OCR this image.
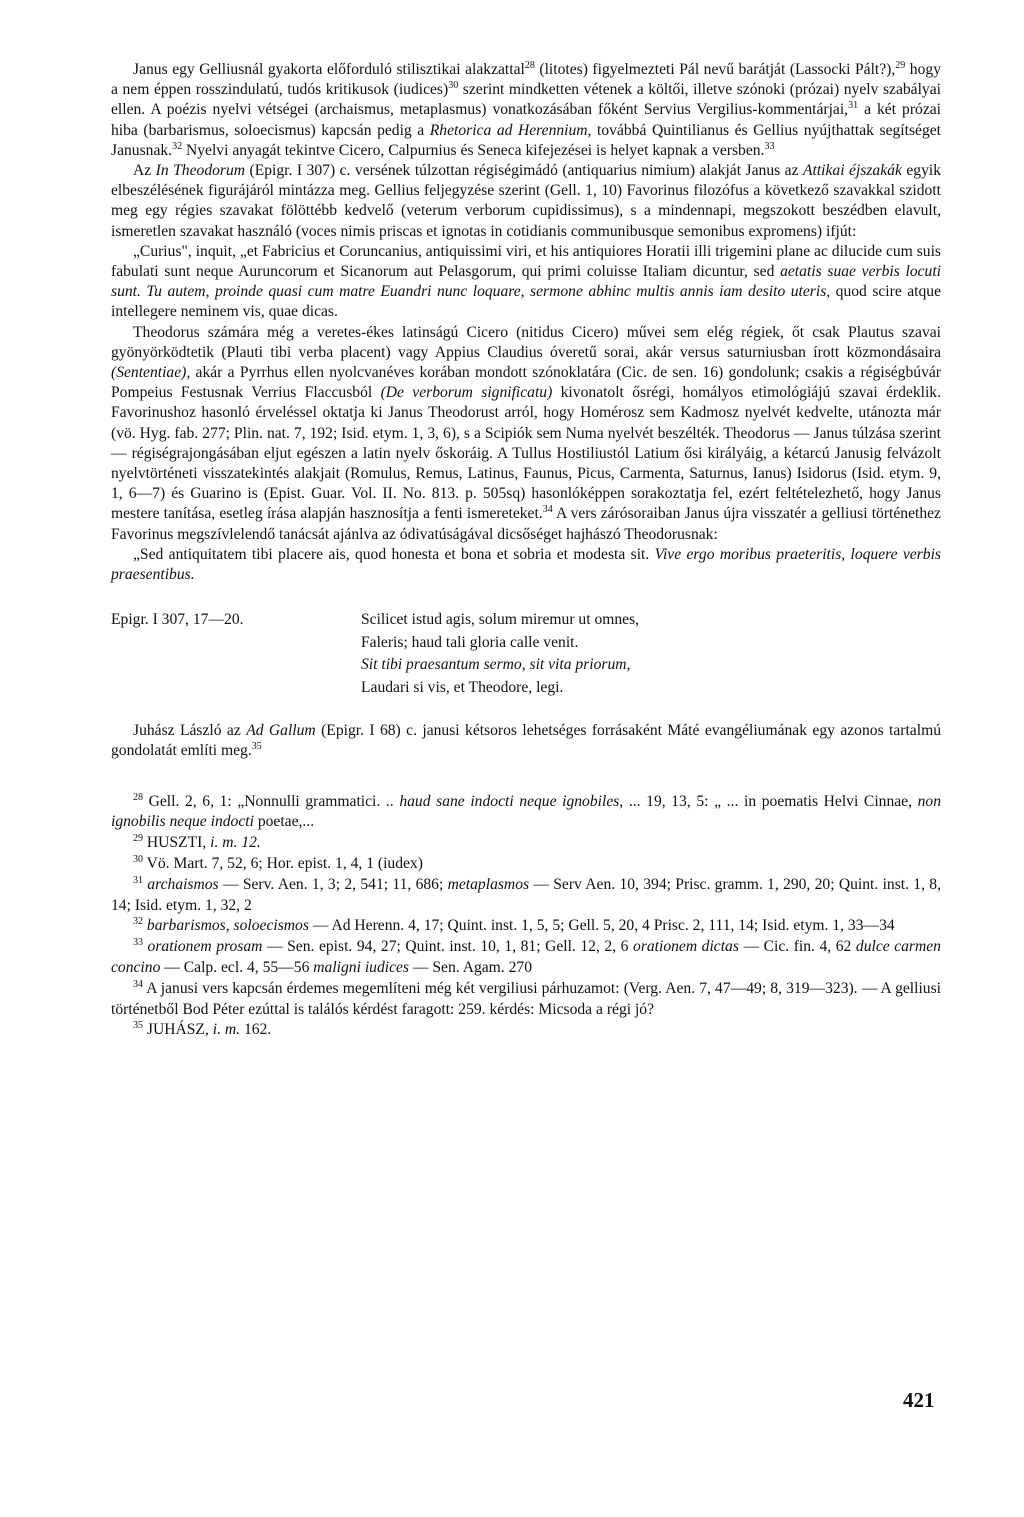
Janus egy Gelliusnál gyakorta előforduló stilisztikai alakzattal$^{28}$ (litotes) figyelmezteti Pál nevű barátját (Lassocki Pált?),$^{29}$ hogy a nem éppen rosszindulatú, tudós kritikusok (iudices)$^{30}$ szerint mindketten vétenek a költői, illetve szónoki (prózai) nyelv szabályai ellen. A poézis nyelvi vétségei (archaismus, metaplasmus) vonatkozásában főként Servius Vergilius-kommentárjai,$^{31}$ a két prózai hiba (barbarismus, soloecismus) kapcsán pedig a Rhetorica ad Herennium, továbbá Quintilianus és Gellius nyújthattak segítséget Janusnak.$^{32}$ Nyelvi anyagát tekintve Cicero, Calpurnius és Seneca kifejezései is helyet kapnak a versben.$^{33}$

Az In Theodorum (Epigr. I 307) c. versének túlzottan régiségimádó (antiquarius nimium) alakját Janus az Attikai éjszakák egyik elbeszélésének figurájáról mintázza meg. Gellius feljegyzése szerint (Gell. 1, 10) Favorinus filozófus a következő szavakkal szidott meg egy régies szavakat fölöttébb kedvelő (veterum verborum cupidissimus), s a mindennapi, megszokott beszédben elavult, ismeretlen szavakat használó (voces nimis priscas et ignotas in cotidianis communibusque semonibus expromens) ifjút:

„Curius", inquit, „et Fabricius et Coruncanius, antiquissimi viri, et his antiquiores Horatii illi trigemini plane ac dilucide cum suis fabulati sunt neque Auruncorum et Sicanorum aut Pelasgorum, qui primi coluisse Italiam dicuntur, sed aetatis suae verbis locuti sunt. Tu autem, proinde quasi cum matre Euandri nunc loquare, sermone abhinc multis annis iam desito uteris, quod scire atque intellegere neminem vis, quae dicas.

Theodorus számára még a veretes-ékes latinságú Cicero (nitidus Cicero) művei sem elég régiek, őt csak Plautus szavai gyönyörködtetik (Plauti tibi verba placent) vagy Appius Claudius óveretű sorai, akár versus saturniusban írott közmondásaira (Sententiae), akár a Pyrrhus ellen nyolcvanéves korában mondott szónoklatára (Cic. de sen. 16) gondolunk; csakis a régiségbúvár Pompeius Festusnak Verrius Flaccusból (De verborum significatu) kivonatolt ősrégi, homályos etimológiájú szavai érdeklik. Favorinushoz hasonló érveléssel oktatja ki Janus Theodorust arról, hogy Homérosz sem Kadmosz nyelvét kedvelte, utánozta már (vö. Hyg. fab. 277; Plin. nat. 7, 192; Isid. etym. 1, 3, 6), s a Scipiók sem Numa nyelvét beszélték. Theodorus — Janus túlzása szerint — régiségrajongásában eljut egészen a latin nyelv őskoráig. A Tullus Hostiliustól Latium ősi királyáig, a kétarcú Janusig felvázolt nyelvtörténeti visszatekintés alakjait (Romulus, Remus, Latinus, Faunus, Picus, Carmenta, Saturnus, Ianus) Isidorus (Isid. etym. 9, 1, 6—7) és Guarino is (Epist. Guar. Vol. II. No. 813. p. 505sq) hasonlóképpen sorakoztatja fel, ezért feltételezhető, hogy Janus mestere tanítása, esetleg írása alapján hasznosítja a fenti ismereteket.$^{34}$ A vers zárósoraiban Janus újra visszatér a gelliusi történethez Favorinus megszívlelendő tanácsát ajánlva az ódivatúságával dicsőséget hajhászó Theodorusnak:

„Sed antiquitatem tibi placere ais, quod honesta et bona et sobria et modesta sit. Vive ergo moribus praeteritis, loquere verbis praesentibus.

Epigr. I 307, 17—20.	Scilicet istud agis, solum miremur ut omnes,
Faleris; haud tali gloria calle venit.
Sit tibi praesantum sermo, sit vita priorum,
Laudari si vis, et Theodore, legi.

Juhász László az Ad Gallum (Epigr. I 68) c. janusi kétsoros lehetséges forrásaként Máté evangéliumának egy azonos tartalmú gondolatát említi meg.$^{35}$

$^{28}$ Gell. 2, 6, 1: „Nonnulli grammatici. .. haud sane indocti neque ignobiles, ... 19, 13, 5: „ ... in poematis Helvi Cinnae, non ignobilis neque indocti poetae,...

$^{29}$ HUSZTI, i. m. 12.

$^{30}$ Vö. Mart. 7, 52, 6; Hor. epist. 1, 4, 1 (iudex)

$^{31}$ archaismos — Serv. Aen. 1, 3; 2, 541; 11, 686; metaplasmos — Serv Aen. 10, 394; Prisc. gramm. 1, 290, 20; Quint. inst. 1, 8, 14; Isid. etym. 1, 32, 2

$^{32}$ barbarismos, soloecismos — Ad Herenn. 4, 17; Quint. inst. 1, 5, 5; Gell. 5, 20, 4 Prisc. 2, 111, 14; Isid. etym. 1, 33—34

$^{33}$ orationem prosam — Sen. epist. 94, 27; Quint. inst. 10, 1, 81; Gell. 12, 2, 6 orationem dictas — Cic. fin. 4, 62 dulce carmen concino — Calp. ecl. 4, 55—56 maligni iudices — Sen. Agam. 270

$^{34}$ A janusi vers kapcsán érdemes megemlíteni még két vergiliusi párhuzamot: (Verg. Aen. 7, 47—49; 8, 319—323). — A gelliusi történetből Bod Péter ezúttal is találós kérdést faragott: 259. kérdés: Micsoda a régi jó?

$^{35}$ JUHÁSZ, i. m. 162.

421
